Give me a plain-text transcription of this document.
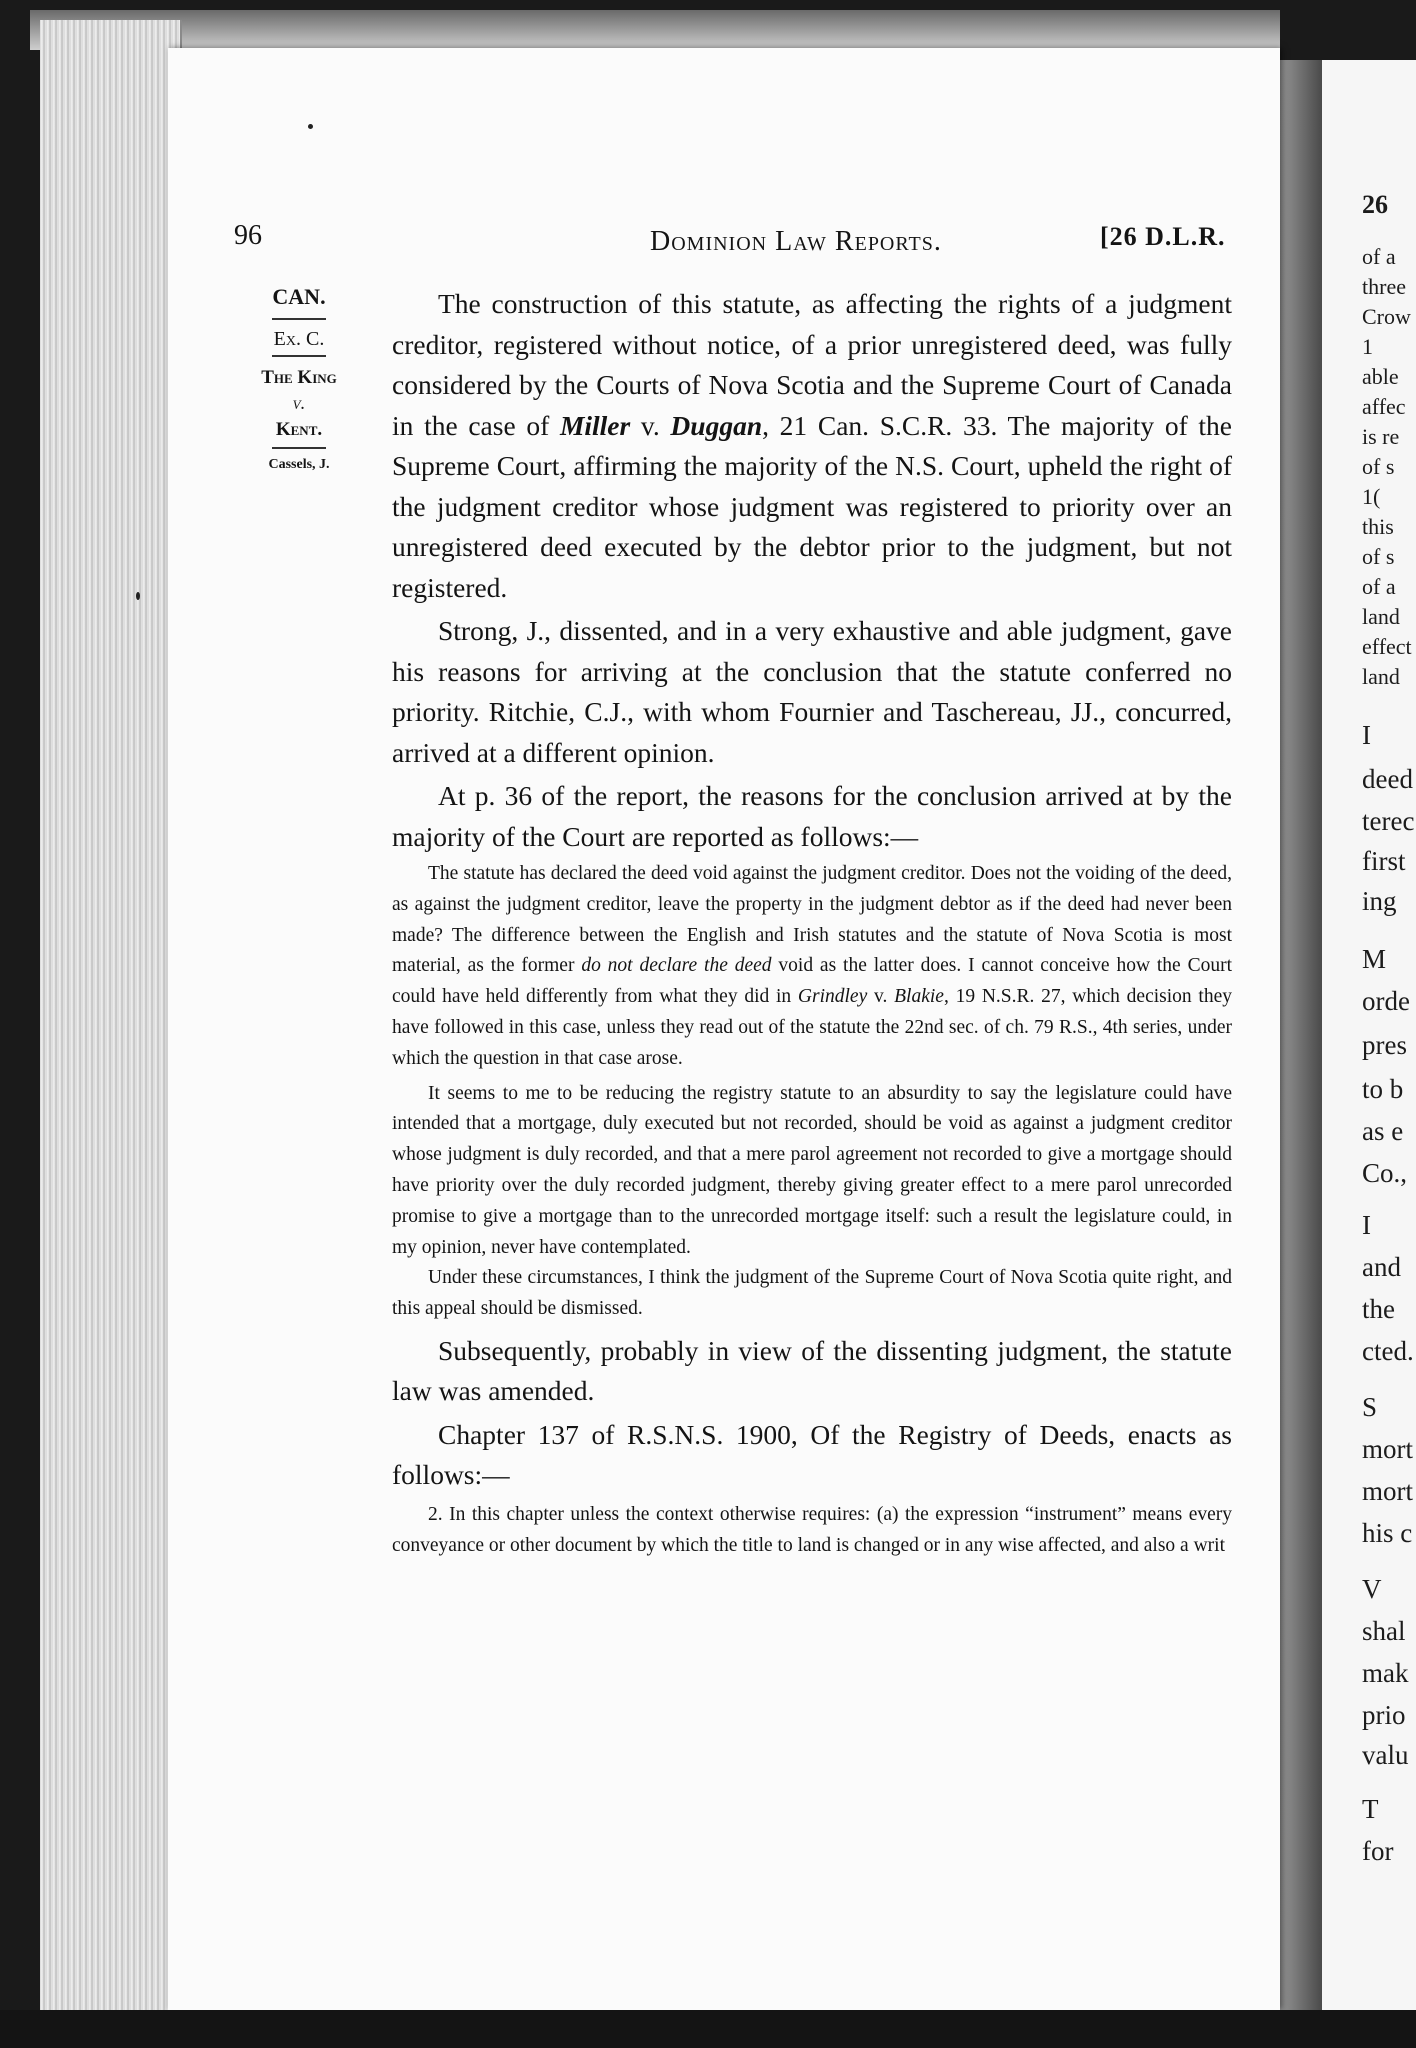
26
of a
three
Crow
1
able
affec
is re
of s
1(
this
of s
of a
land
effect
land
I
deed
terec
first
ing
M
orde
pres
to b
as e
Co.,
I
and
the
cted.
S
mort
mort
his c
V
shal
mak
prio
valu
T
for
96	Dominion Law Reports.	[26 D.L.R.
CAN.
Ex. C.
The King
v.
Kent.
Cassels, J.

The construction of this statute, as affecting the rights of a judgment creditor, registered without notice, of a prior unregistered deed, was fully considered by the Courts of Nova Scotia and the Supreme Court of Canada in the case of Miller v. Duggan, 21 Can. S.C.R. 33. The majority of the Supreme Court, affirming the majority of the N.S. Court, upheld the right of the judgment creditor whose judgment was registered to priority over an unregistered deed executed by the debtor prior to the judgment, but not registered.

Strong, J., dissented, and in a very exhaustive and able judgment, gave his reasons for arriving at the conclusion that the statute conferred no priority. Ritchie, C.J., with whom Fournier and Taschereau, JJ., concurred, arrived at a different opinion.

At p. 36 of the report, the reasons for the conclusion arrived at by the majority of the Court are reported as follows:—

The statute has declared the deed void against the judgment creditor. Does not the voiding of the deed, as against the judgment creditor, leave the property in the judgment debtor as if the deed had never been made? The difference between the English and Irish statutes and the statute of Nova Scotia is most material, as the former do not declare the deed void as the latter does. I cannot conceive how the Court could have held differently from what they did in Grindley v. Blakie, 19 N.S.R. 27, which decision they have followed in this case, unless they read out of the statute the 22nd sec. of ch. 79 R.S., 4th series, under which the question in that case arose.

It seems to me to be reducing the registry statute to an absurdity to say the legislature could have intended that a mortgage, duly executed but not recorded, should be void as against a judgment creditor whose judgment is duly recorded, and that a mere parol agreement not recorded to give a mortgage should have priority over the duly recorded judgment, thereby giving greater effect to a mere parol unrecorded promise to give a mortgage than to the unrecorded mortgage itself: such a result the legislature could, in my opinion, never have contemplated.

Under these circumstances, I think the judgment of the Supreme Court of Nova Scotia quite right, and this appeal should be dismissed.

Subsequently, probably in view of the dissenting judgment, the statute law was amended.

Chapter 137 of R.S.N.S. 1900, Of the Registry of Deeds, enacts as follows:—

2. In this chapter unless the context otherwise requires: (a) the expression “instrument” means every conveyance or other document by which the title to land is changed or in any wise affected, and also a writ
